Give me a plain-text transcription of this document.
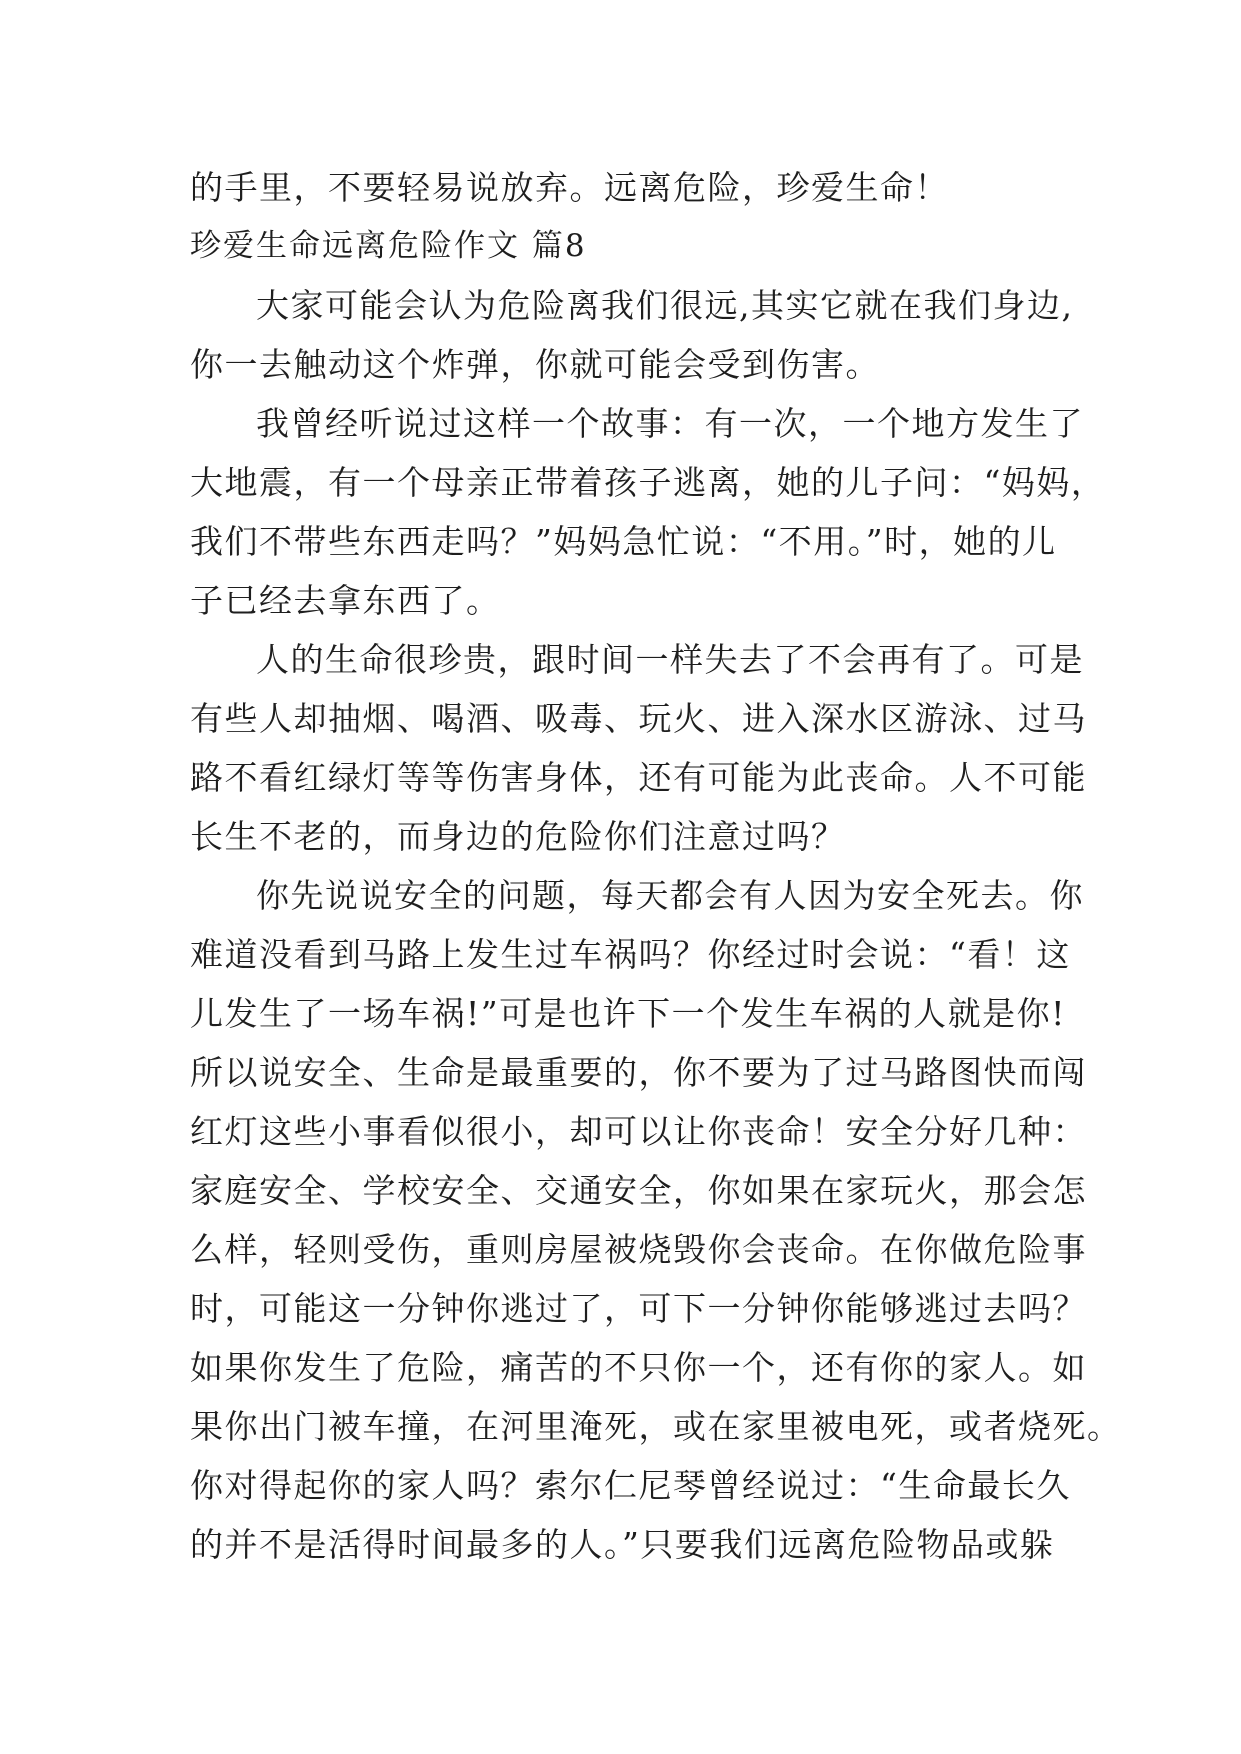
的手里，不要轻易说放弃。远离危险，珍爱生命！
珍爱生命远离危险作文 篇8
大家可能会认为危险离我们很远,其实它就在我们身边,
你一去触动这个炸弹，你就可能会受到伤害。
我曾经听说过这样一个故事：有一次，一个地方发生了
大地震，有一个母亲正带着孩子逃离，她的儿子问：“妈妈，
我们不带些东西走吗？”妈妈急忙说：“不用。”时，她的儿
子已经去拿东西了。
人的生命很珍贵，跟时间一样失去了不会再有了。可是
有些人却抽烟、喝酒、吸毒、玩火、进入深水区游泳、过马
路不看红绿灯等等伤害身体，还有可能为此丧命。人不可能
长生不老的，而身边的危险你们注意过吗？
你先说说安全的问题，每天都会有人因为安全死去。你
难道没看到马路上发生过车祸吗？你经过时会说：“看！这
儿发生了一场车祸!”可是也许下一个发生车祸的人就是你!
所以说安全、生命是最重要的，你不要为了过马路图快而闯
红灯这些小事看似很小，却可以让你丧命！安全分好几种：
家庭安全、学校安全、交通安全，你如果在家玩火，那会怎
么样，轻则受伤，重则房屋被烧毁你会丧命。在你做危险事
时，可能这一分钟你逃过了，可下一分钟你能够逃过去吗？
如果你发生了危险，痛苦的不只你一个，还有你的家人。如
果你出门被车撞，在河里淹死，或在家里被电死，或者烧死。
你对得起你的家人吗？索尔仁尼琴曾经说过：“生命最长久
的并不是活得时间最多的人。”只要我们远离危险物品或躲
